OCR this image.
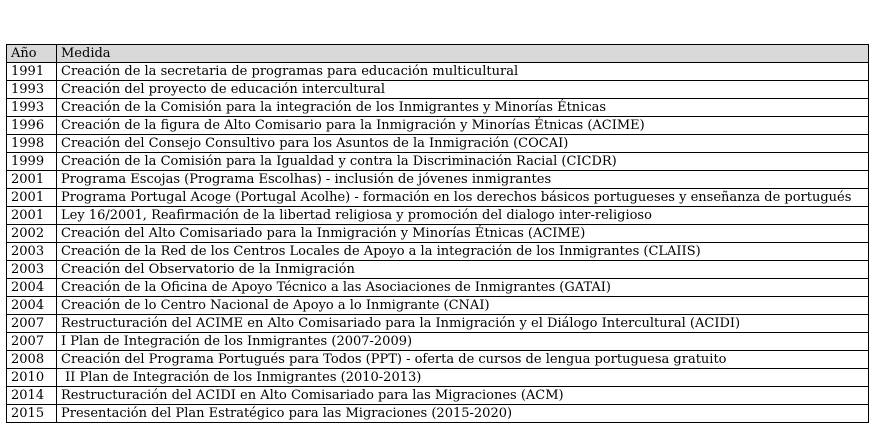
Año	Medida
1991	Creación de la secretaria de programas para educación multicultural
1993	Creación del proyecto de educación intercultural
1993	Creación de la Comisión para la integración de los Inmigrantes y Minorías Étnicas
1996	Creación de la figura de Alto Comisario para la Inmigración y Minorías Étnicas (ACIME)
1998	Creación del Consejo Consultivo para los Asuntos de la Inmigración (COCAI)
1999	Creación de la Comisión para la Igualdad y contra la Discriminación Racial (CICDR)
2001	Programa Escojas (Programa Escolhas) - inclusión de jóvenes inmigrantes
2001	Programa Portugal Acoge (Portugal Acolhe) - formación en los derechos básicos portugueses y enseñanza de portugués
2001	Ley 16/2001, Reafirmación de la libertad religiosa y promoción del dialogo inter-religioso
2002	Creación del Alto Comisariado para la Inmigración y Minorías Étnicas (ACIME)
2003	Creación de la Red de los Centros Locales de Apoyo a la integración de los Inmigrantes (CLAIIS)
2003	Creación del Observatorio de la Inmigración
2004	Creación de la Oficina de Apoyo Técnico a las Asociaciones de Inmigrantes (GATAI)
2004	Creación de lo Centro Nacional de Apoyo a lo Inmigrante (CNAI)
2007	Restructuración del ACIME en Alto Comisariado para la Inmigración y el Diálogo Intercultural (ACIDI)
2007	I Plan de Integración de los Inmigrantes (2007-2009)
2008	Creación del Programa Portugués para Todos (PPT) - oferta de cursos de lengua portuguesa gratuito
2010	II Plan de Integración de los Inmigrantes (2010-2013)
2014	Restructuración del ACIDI en Alto Comisariado para las Migraciones (ACM)
2015	Presentación del Plan Estratégico para las Migraciones (2015-2020)
